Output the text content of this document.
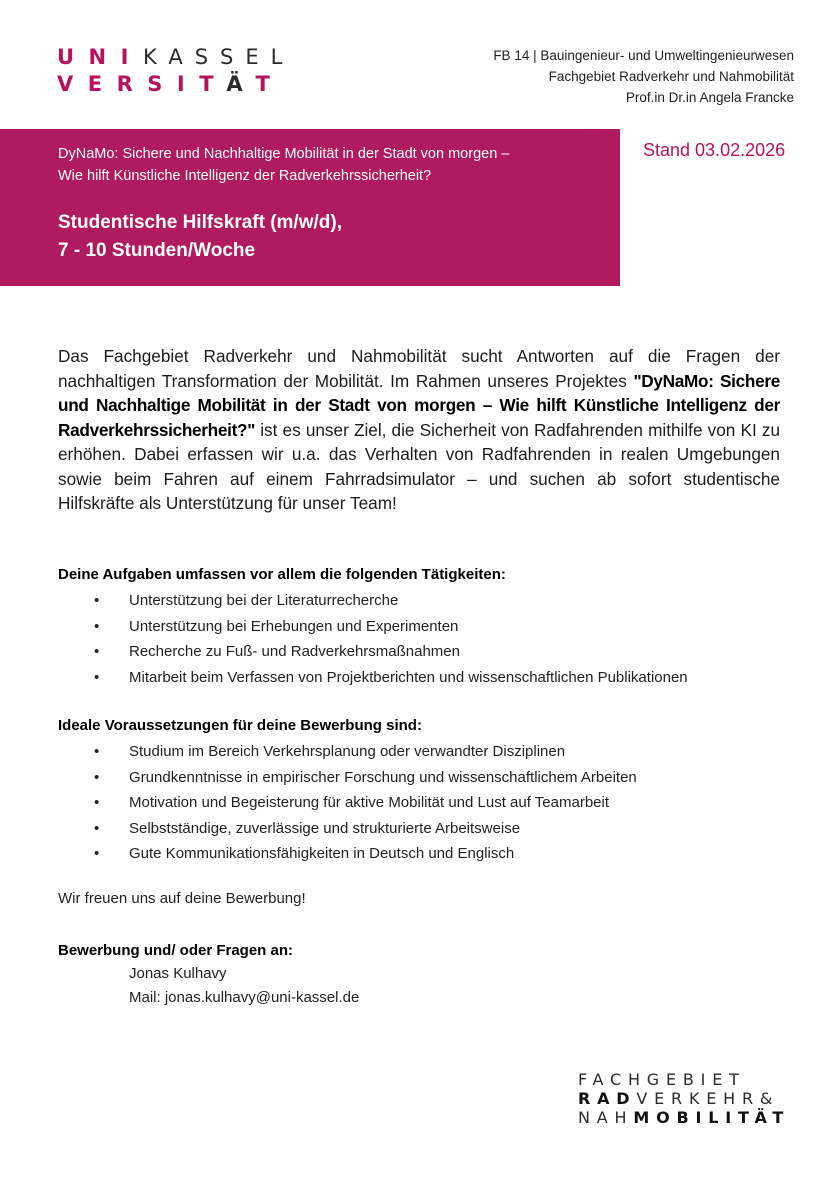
UNIKASSEL
VERSITÄT
FB 14 | Bauingenieur- und Umweltingenieurwesen
Fachgebiet Radverkehr und Nahmobilität
Prof.in Dr.in Angela Francke
DyNaMo: Sichere und Nachhaltige Mobilität in der Stadt von morgen –
Wie hilft Künstliche Intelligenz der Radverkehrssicherheit?
Studentische Hilfskraft (m/w/d),
7 - 10 Stunden/Woche
Stand 03.02.2026
Das Fachgebiet Radverkehr und Nahmobilität sucht Antworten auf die Fragen der nachhaltigen Transformation der Mobilität. Im Rahmen unseres Projektes "DyNaMo: Sichere und Nachhaltige Mobilität in der Stadt von morgen – Wie hilft Künstliche Intelligenz der Radverkehrssicherheit?" ist es unser Ziel, die Sicherheit von Radfahrenden mithilfe von KI zu erhöhen. Dabei erfassen wir u.a. das Verhalten von Radfahrenden in realen Umgebungen sowie beim Fahren auf einem Fahrradsimulator – und suchen ab sofort studentische Hilfskräfte als Unterstützung für unser Team!
Deine Aufgaben umfassen vor allem die folgenden Tätigkeiten:
• Unterstützung bei der Literaturrecherche
• Unterstützung bei Erhebungen und Experimenten
• Recherche zu Fuß- und Radverkehrsmaßnahmen
• Mitarbeit beim Verfassen von Projektberichten und wissenschaftlichen Publikationen
Ideale Voraussetzungen für deine Bewerbung sind:
• Studium im Bereich Verkehrsplanung oder verwandter Disziplinen
• Grundkenntnisse in empirischer Forschung und wissenschaftlichem Arbeiten
• Motivation und Begeisterung für aktive Mobilität und Lust auf Teamarbeit
• Selbstständige, zuverlässige und strukturierte Arbeitsweise
• Gute Kommunikationsfähigkeiten in Deutsch und Englisch
Wir freuen uns auf deine Bewerbung!
Bewerbung und/ oder Fragen an:
Jonas Kulhavy
Mail: jonas.kulhavy@uni-kassel.de
FACHGEBIET
RADVERKEHR&
NAHMOBILITÄT
